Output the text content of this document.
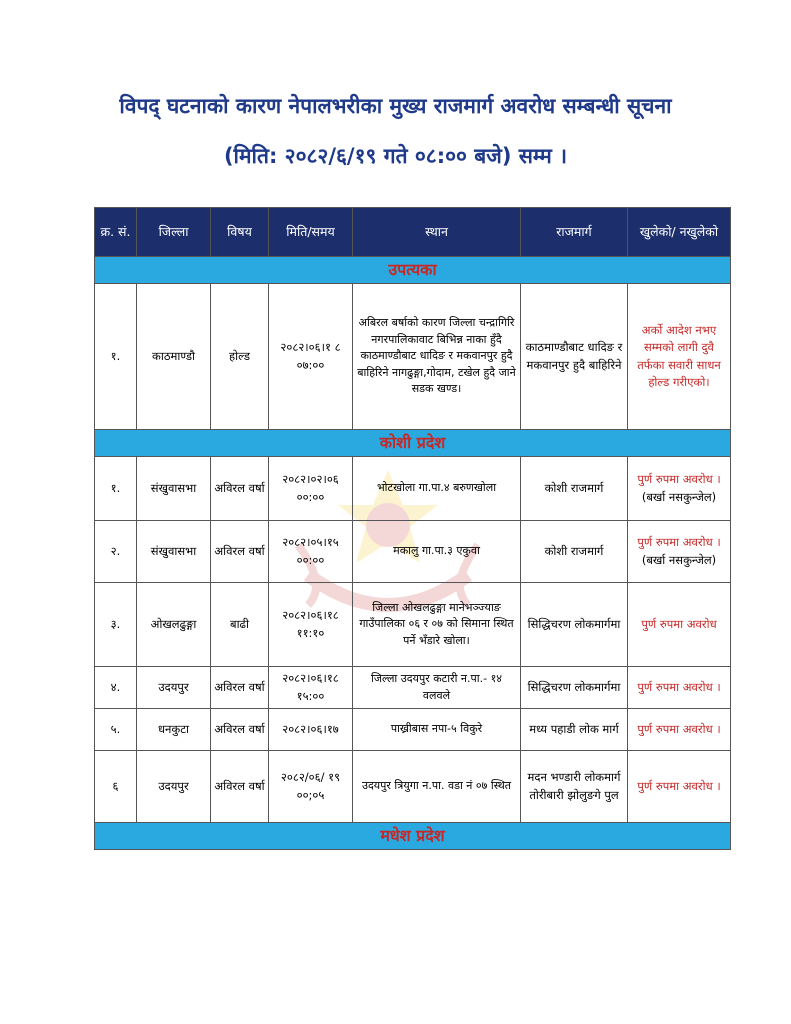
विपद् घटनाको कारण नेपालभरीका मुख्य राजमार्ग अवरोध सम्बन्धी सूचना
(मिति: २०८२/६/१९ गते ०८:०० बजे) सम्म ।
क्र. सं.	जिल्ला	विषय	मिति/समय	स्थान	राजमार्ग	खुलेको/ नखुलेको
उपत्यका						
१.	काठमाण्डौ	होल्ड	२०८२।०६।१ ८ ०७:००	अबिरल बर्षाको कारण जिल्ला चन्द्रागिरि नगरपालिकावाट बिभिन्न नाका हुँदै काठमाण्डौबाट धादिङ र मकवानपुर हुदै बाहिरिने नागढुङ्गा,गोदाम, टखेल हुदै जाने सडक खण्ड।	काठमाण्डौबाट धादिङ र मकवानपुर हुदै बाहिरिने	अर्को आदेश नभए सम्मको लागी दुवै तर्फका सवारी साधन होल्ड गरीएको।
कोशी प्रदेश						
१.	संखुवासभा	अविरल वर्षा	२०८२।०२।०६ ००:००	भोटखोला गा.पा.४ बरुणखोला	कोशी राजमार्ग	पुर्ण रुपमा अवरोध । (बर्खा नसकुन्जेल)
२.	संखुवासभा	अविरल वर्षा	२०८२।०५।१५ ००:००	मकालु गा.पा.३ एकुवा	कोशी राजमार्ग	पुर्ण रुपमा अवरोध ।
(बर्खा नसकुन्जेल)
३.	ओखलढुङ्गा	बाढी	२०८२।०६।१८ ११:१०	जिल्ला ओखलढुङ्गा मानेभञ्ज्याङ गाउँपालिका ०६ र ०७ को सिमाना स्थित पर्ने भँडारे खोला।	सिद्धिचरण लोकमार्गमा	पुर्ण रुपमा अवरोध
४.	उदयपुर	अविरल वर्षा	२०८२।०६।१८ १५:००	जिल्ला उदयपुर कटारी न.पा.- १४ वलवले	सिद्धिचरण लोकमार्गमा	पुर्ण रुपमा अवरोध ।
५.	धनकुटा	अविरल वर्षा	२०८२।०६।१७	पाख्रीबास नपा-५ विकुरे	मध्य पहाडी लोक मार्ग	पुर्ण रुपमा अवरोध ।
६	उदयपुर	अविरल वर्षा	२०८२/०६/ १९ ००;०५	उदयपुर त्रियुगा न.पा. वडा नं ०७ स्थित	मदन भण्डारी लोकमार्ग तोरीबारी झोलुङगे पुल	पुर्ण रुपमा अवरोध ।
मधेश प्रदेश						
